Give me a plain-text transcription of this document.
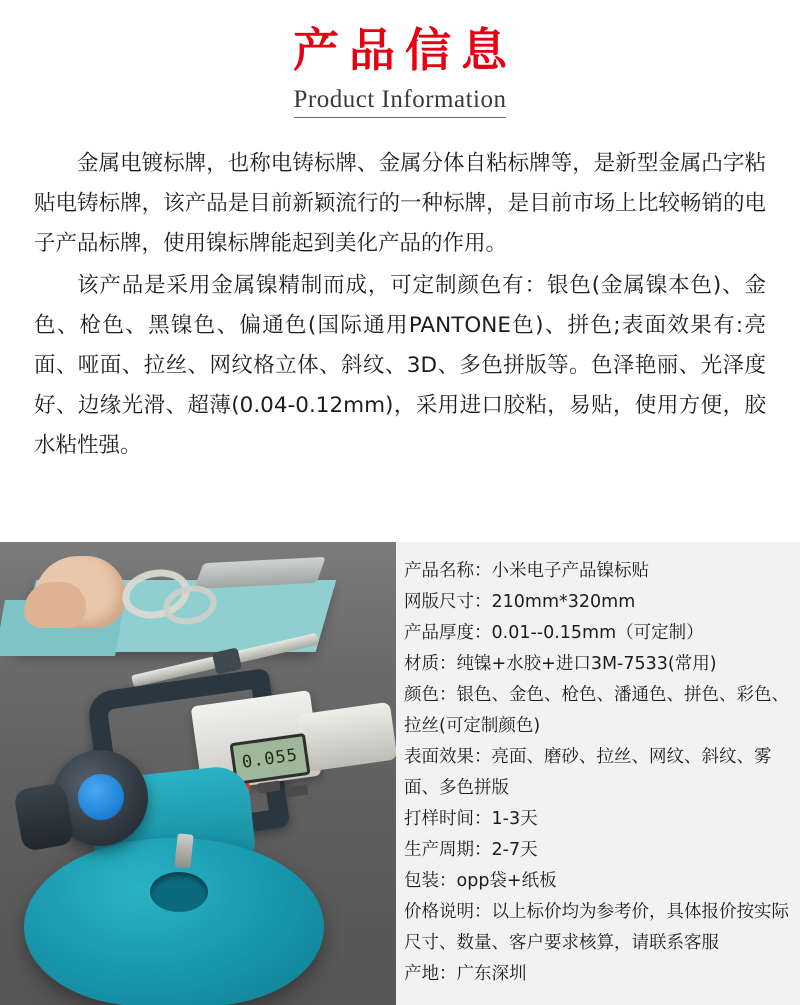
产品信息
Product Information

金属电镀标牌，也称电铸标牌、金属分体自粘标牌等，是新型金属凸字粘贴电铸标牌，该产品是目前新颖流行的一种标牌，是目前市场上比较畅销的电子产品标牌，使用镍标牌能起到美化产品的作用。

该产品是采用金属镍精制而成，可定制颜色有：银色(金属镍本色)、金色、枪色、黑镍色、偏通色(国际通用PANTONE色)、拼色;表面效果有:亮面、哑面、拉丝、网纹格立体、斜纹、3D、多色拼版等。色泽艳丽、光泽度好、边缘光滑、超薄(0.04-0.12mm)，采用进口胶粘，易贴，使用方便，胶水粘性强。

0.055
产品名称：小米电子产品镍标贴
网版尺寸：210mm*320mm
产品厚度：0.01--0.15mm（可定制）
材质：纯镍+水胶+进口3M-7533(常用)
颜色：银色、金色、枪色、潘通色、拼色、彩色、拉丝(可定制颜色)
表面效果：亮面、磨砂、拉丝、网纹、斜纹、雾面、多色拼版
打样时间：1-3天
生产周期：2-7天
包装：opp袋+纸板
价格说明：以上标价均为参考价，具体报价按实际尺寸、数量、客户要求核算，请联系客服
产地：广东深圳
